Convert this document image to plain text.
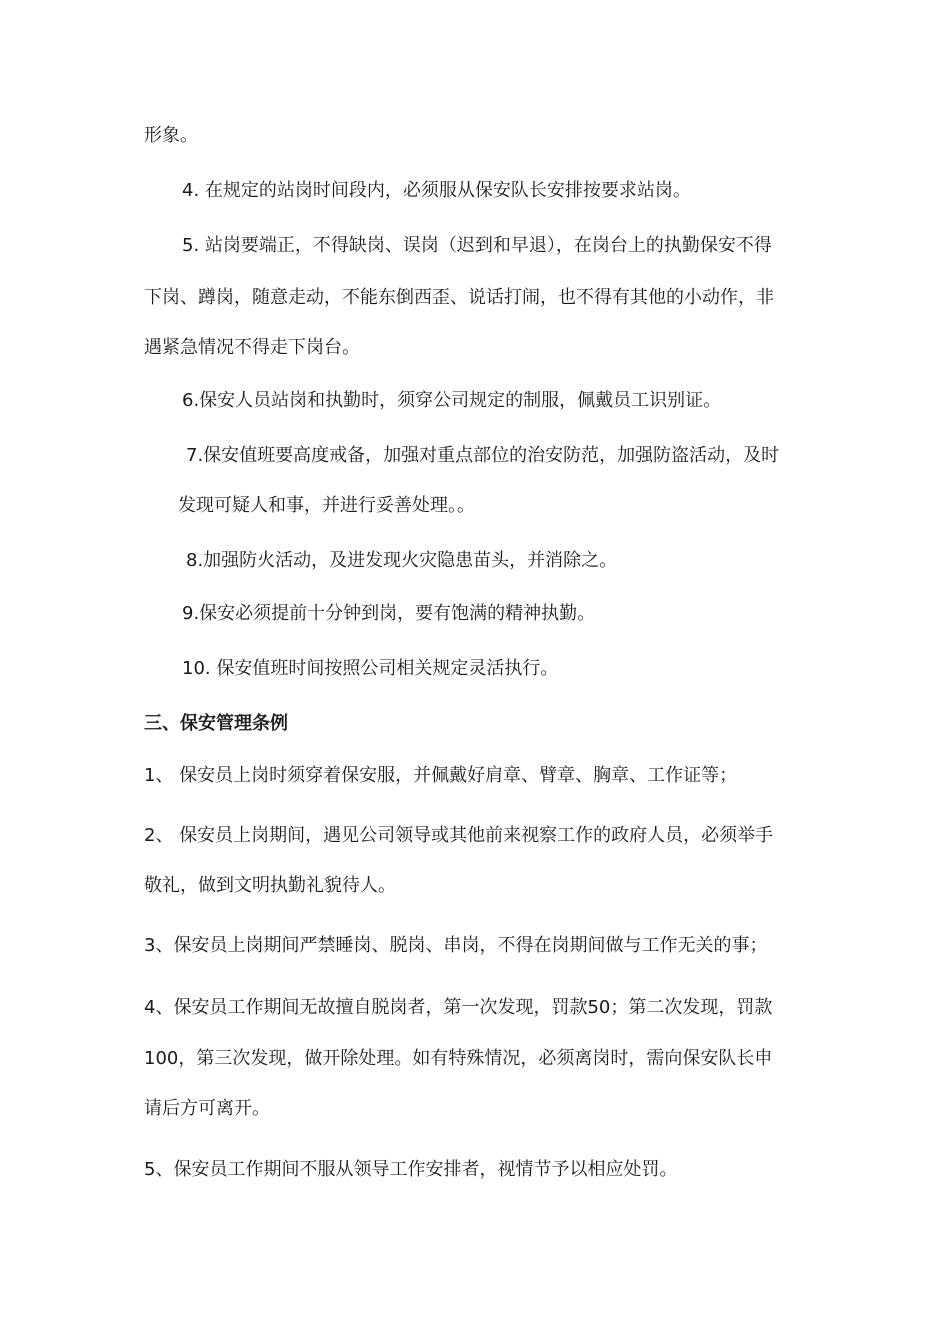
形象。
4. 在规定的站岗时间段内，必须服从保安队长安排按要求站岗。
5. 站岗要端正，不得缺岗、误岗（迟到和早退），在岗台上的执勤保安不得
下岗、蹲岗，随意走动，不能东倒西歪、说话打闹，也不得有其他的小动作，非
遇紧急情况不得走下岗台。
6.保安人员站岗和执勤时，须穿公司规定的制服，佩戴员工识别证。
7.保安值班要高度戒备，加强对重点部位的治安防范，加强防盗活动，及时
发现可疑人和事，并进行妥善处理。。
8.加强防火活动，及进发现火灾隐患苗头，并消除之。
9.保安必须提前十分钟到岗，要有饱满的精神执勤。
10. 保安值班时间按照公司相关规定灵活执行。
三、保安管理条例
1、 保安员上岗时须穿着保安服，并佩戴好肩章、臂章、胸章、工作证等；
2、 保安员上岗期间，遇见公司领导或其他前来视察工作的政府人员，必须举手
敬礼，做到文明执勤礼貌待人。
3、保安员上岗期间严禁睡岗、脱岗、串岗，不得在岗期间做与工作无关的事；
4、保安员工作期间无故擅自脱岗者，第一次发现，罚款50；第二次发现，罚款
100，第三次发现，做开除处理。如有特殊情况，必须离岗时，需向保安队长申
请后方可离开。
5、保安员工作期间不服从领导工作安排者，视情节予以相应处罚。
